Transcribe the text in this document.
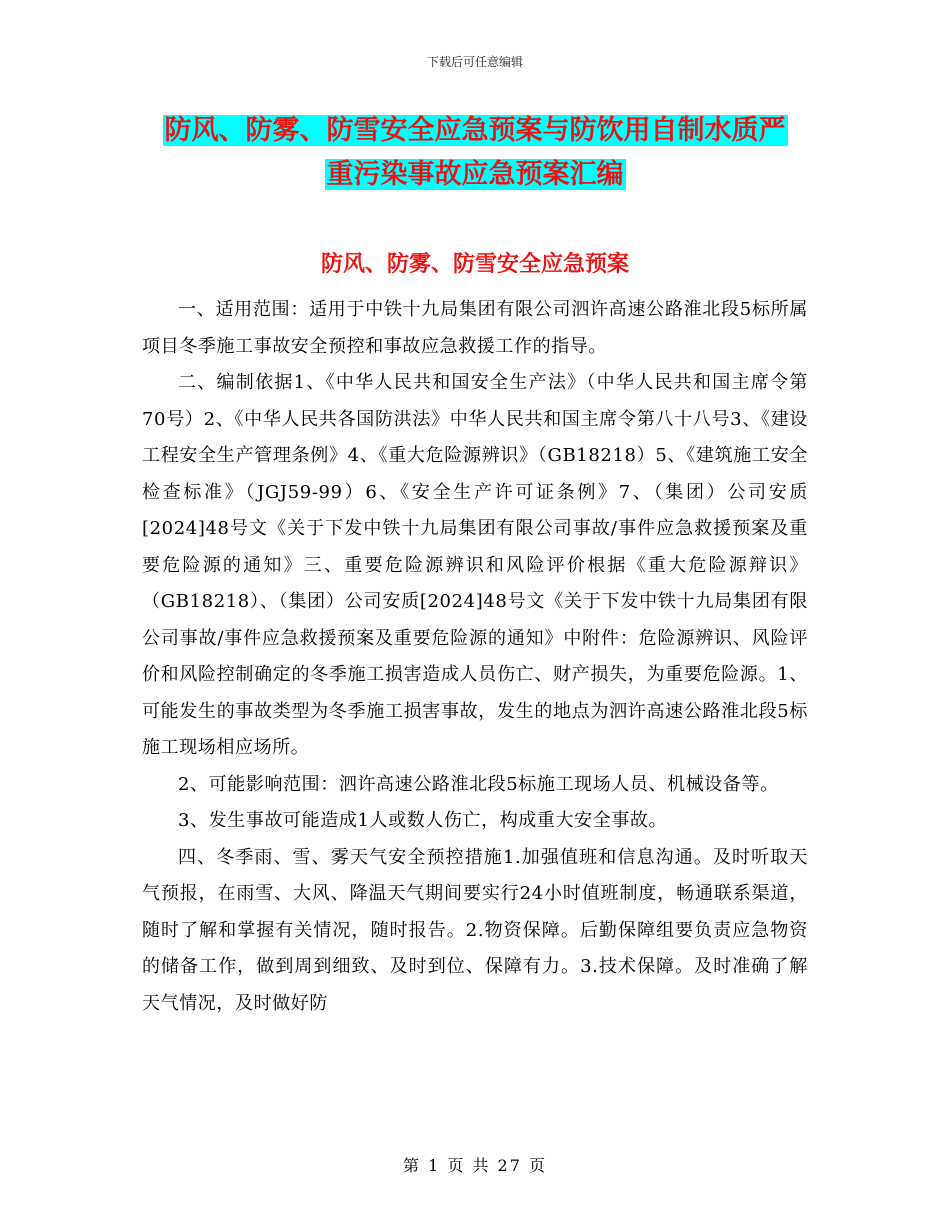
下载后可任意编辑
防风、防雾、防雪安全应急预案与防饮用自制水质严
重污染事故应急预案汇编
防风、防雾、防雪安全应急预案

一、适用范围：适用于中铁十九局集团有限公司泗许高速公路淮北段5标所属项目冬季施工事故安全预控和事故应急救援工作的指导。

二、编制依据1、《中华人民共和国安全生产法》（中华人民共和国主席令第70号）2、《中华人民共各国防洪法》中华人民共和国主席令第八十八号3、《建设工程安全生产管理条例》4、《重大危险源辨识》（GB18218）5、《建筑施工安全检查标准》（JGJ59-99）6、《安全生产许可证条例》7、（集团）公司安质[2024]48号文《关于下发中铁十九局集团有限公司事故/事件应急救援预案及重要危险源的通知》三、重要危险源辨识和风险评价根据《重大危险源辩识》（GB18218）、（集团）公司安质[2024]48号文《关于下发中铁十九局集团有限公司事故/事件应急救援预案及重要危险源的通知》中附件：危险源辨识、风险评价和风险控制确定的冬季施工损害造成人员伤亡、财产损失，为重要危险源。1、可能发生的事故类型为冬季施工损害事故，发生的地点为泗许高速公路淮北段5标施工现场相应场所。

2、可能影响范围：泗许高速公路淮北段5标施工现场人员、机械设备等。

3、发生事故可能造成1人或数人伤亡，构成重大安全事故。

四、冬季雨、雪、雾天气安全预控措施1.加强值班和信息沟通。及时听取天气预报，在雨雪、大风、降温天气期间要实行24小时值班制度，畅通联系渠道，随时了解和掌握有关情况，随时报告。2.物资保障。后勤保障组要负责应急物资的储备工作，做到周到细致、及时到位、保障有力。3.技术保障。及时准确了解天气情况，及时做好防

第 1 页 共 27 页
